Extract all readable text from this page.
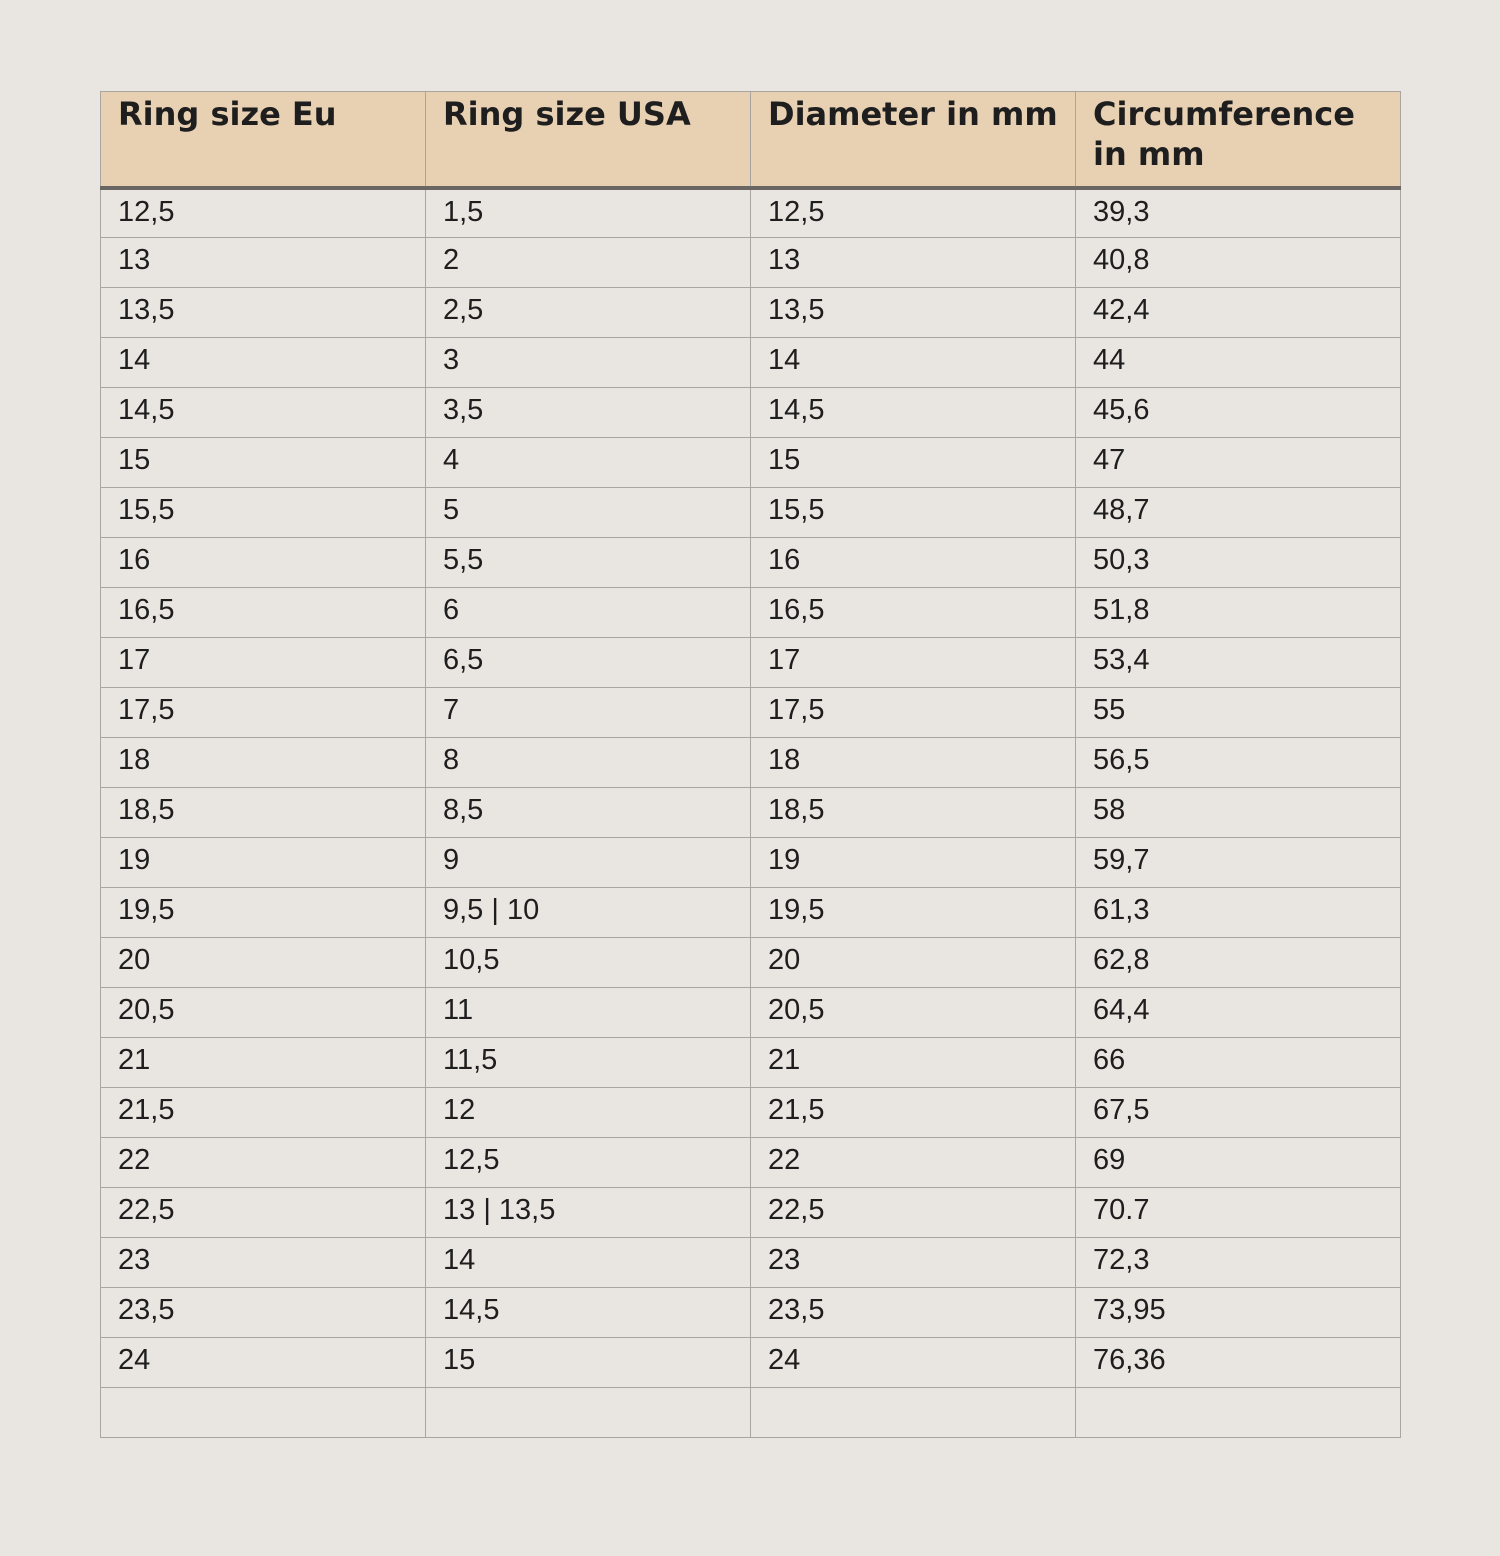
Ring size Eu	Ring size USA	Diameter in mm	Circumference in mm
12,5	1,5	12,5	39,3
13	2	13	40,8
13,5	2,5	13,5	42,4
14	3	14	44
14,5	3,5	14,5	45,6
15	4	15	47
15,5	5	15,5	48,7
16	5,5	16	50,3
16,5	6	16,5	51,8
17	6,5	17	53,4
17,5	7	17,5	55
18	8	18	56,5
18,5	8,5	18,5	58
19	9	19	59,7
19,5	9,5 | 10	19,5	61,3
20	10,5	20	62,8
20,5	11	20,5	64,4
21	11,5	21	66
21,5	12	21,5	67,5
22	12,5	22	69
22,5	13 | 13,5	22,5	70.7
23	14	23	72,3
23,5	14,5	23,5	73,95
24	15	24	76,36
